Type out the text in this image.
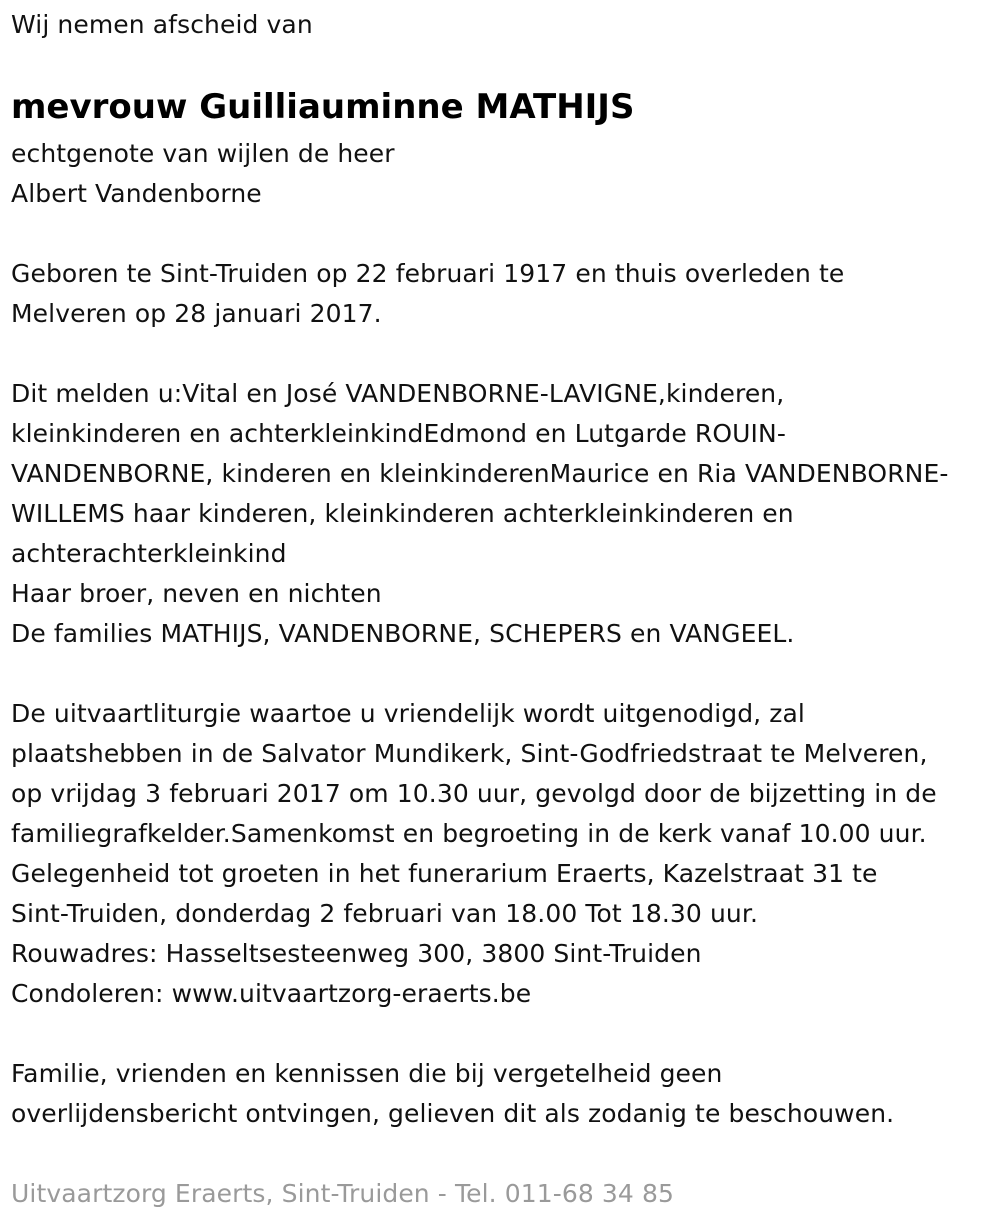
Wij nemen afscheid van
mevrouw Guilliauminne MATHIJS
echtgenote van wijlen de heer
Albert Vandenborne
Geboren te Sint-Truiden op 22 februari 1917 en thuis overleden te
Melveren op 28 januari 2017.
Dit melden u:Vital en José VANDENBORNE-LAVIGNE,kinderen,
kleinkinderen en achterkleinkindEdmond en Lutgarde ROUIN-
VANDENBORNE, kinderen en kleinkinderenMaurice en Ria VANDENBORNE-
WILLEMS haar kinderen, kleinkinderen achterkleinkinderen en
achterachterkleinkind
Haar broer, neven en nichten
De families MATHIJS, VANDENBORNE, SCHEPERS en VANGEEL.
De uitvaartliturgie waartoe u vriendelijk wordt uitgenodigd, zal
plaatshebben in de Salvator Mundikerk, Sint-Godfriedstraat te Melveren,
op vrijdag 3 februari 2017 om 10.30 uur, gevolgd door de bijzetting in de
familiegrafkelder.Samenkomst en begroeting in de kerk vanaf 10.00 uur.
Gelegenheid tot groeten in het funerarium Eraerts, Kazelstraat 31 te
Sint-Truiden, donderdag 2 februari van 18.00 Tot 18.30 uur.
Rouwadres: Hasseltsesteenweg 300, 3800 Sint-Truiden
Condoleren: www.uitvaartzorg-eraerts.be
Familie, vrienden en kennissen die bij vergetelheid geen
overlijdensbericht ontvingen, gelieven dit als zodanig te beschouwen.
Uitvaartzorg Eraerts, Sint-Truiden - Tel. 011-68 34 85
